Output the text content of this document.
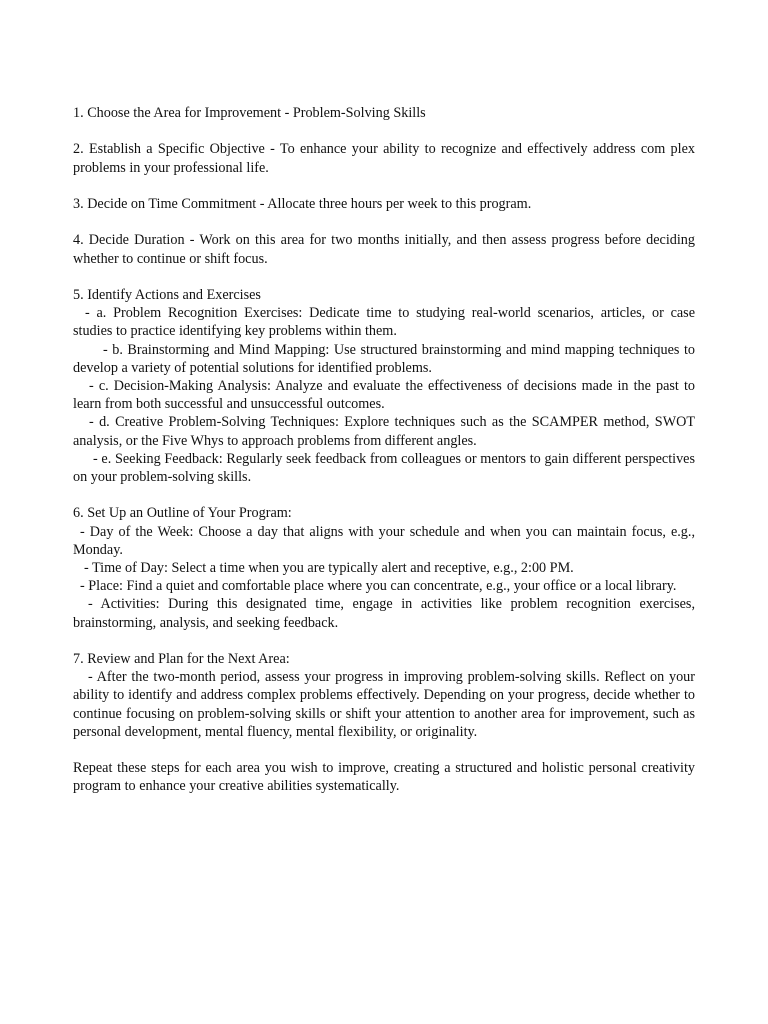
1. Choose the Area for Improvement - Problem-Solving Skills

2. Establish a Specific Objective - To enhance your ability to recognize and effectively address com plex problems in your professional life.

3. Decide on Time Commitment - Allocate three hours per week to this program.

4. Decide Duration - Work on this area for two months initially, and then assess progress before deciding whether to continue or shift focus.

5. Identify Actions and Exercises
- a. Problem Recognition Exercises: Dedicate time to studying real-world scenarios, articles, or case studies to practice identifying key problems within them.
- b. Brainstorming and Mind Mapping: Use structured brainstorming and mind mapping techniques to develop a variety of potential solutions for identified problems.
- c. Decision-Making Analysis: Analyze and evaluate the effectiveness of decisions made in the past to learn from both successful and unsuccessful outcomes.
- d. Creative Problem-Solving Techniques: Explore techniques such as the SCAMPER method, SWOT analysis, or the Five Whys to approach problems from different angles.
- e. Seeking Feedback: Regularly seek feedback from colleagues or mentors to gain different perspectives on your problem-solving skills.
6. Set Up an Outline of Your Program:
- Day of the Week: Choose a day that aligns with your schedule and when you can maintain focus, e.g., Monday.
- Time of Day: Select a time when you are typically alert and receptive, e.g., 2:00 PM.
- Place: Find a quiet and comfortable place where you can concentrate, e.g., your office or a local library.
- Activities: During this designated time, engage in activities like problem recognition exercises, brainstorming, analysis, and seeking feedback.
7. Review and Plan for the Next Area:
- After the two-month period, assess your progress in improving problem-solving skills. Reflect on your ability to identify and address complex problems effectively. Depending on your progress, decide whether to continue focusing on problem-solving skills or shift your attention to another area for improvement, such as personal development, mental fluency, mental flexibility, or originality.

Repeat these steps for each area you wish to improve, creating a structured and holistic personal creativity program to enhance your creative abilities systematically.
